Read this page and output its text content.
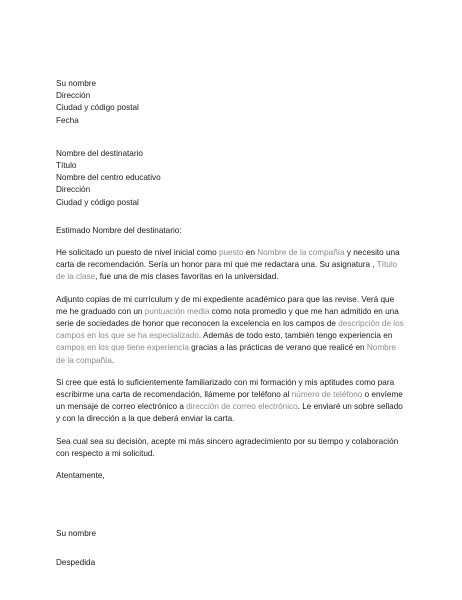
Su nombre
Dirección
Ciudad y código postal
Fecha
Nombre del destinatario
Título
Nombre del centro educativo
Dirección
Ciudad y código postal

Estimado Nombre del destinatario:

He solicitado un puesto de nivel inicial como puesto en Nombre de la compañía y necesito una carta de recomendación. Sería un honor para mí que me redactara una. Su asignatura , Título de la clase, fue una de mis clases favoritas en la universidad.

Adjunto copias de mi currículum y de mi expediente académico para que las revise. Verá que me he graduado con un puntuación media como nota promedio y que me han admitido en una serie de sociedades de honor que reconocen la excelencia en los campos de descripción de los campos en los que se ha especializado. Además de todo esto, también tengo experiencia en campos en los que tiene experiencia gracias a las prácticas de verano que realicé en Nombre de la compañía.

Si cree que está lo suficientemente familiarizado con mi formación y mis aptitudes como para escribirme una carta de recomendación, llámeme por teléfono al número de teléfono o envíeme un mensaje de correo electrónico a dirección de correo electrónico. Le enviaré un sobre sellado y con la dirección a la que deberá enviar la carta.

Sea cual sea su decisión, acepte mi más sincero agradecimiento por su tiempo y colaboración con respecto a mi solicitud.

Atentamente,

Su nombre

Despedida
